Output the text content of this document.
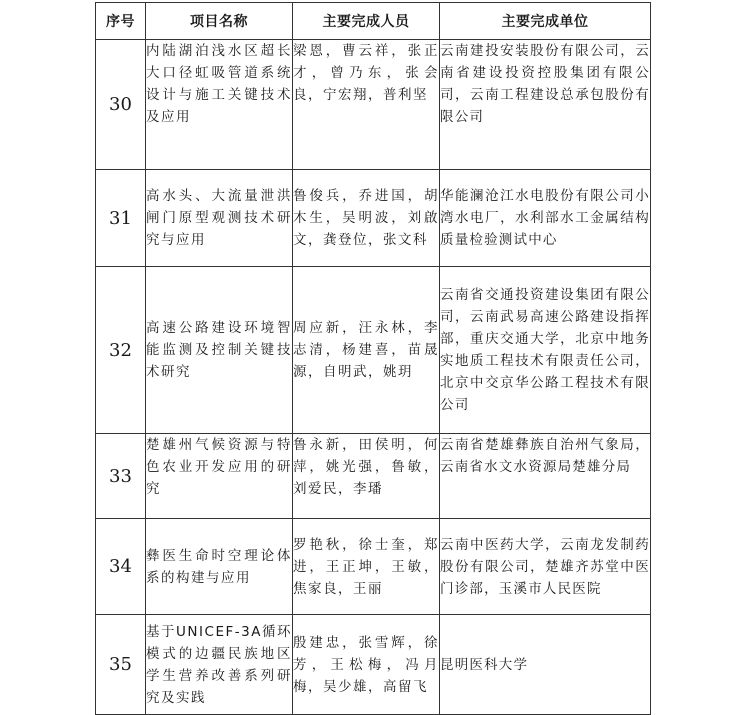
序号	项目名称	主要完成人员	主要完成单位
30	内陆湖泊浅水区超长大口径虹吸管道系统设计与施工关键技术及应用	梁恩，曹云祥，张正才，曾乃东，张会良，宁宏翔，普利坚	云南建投安装股份有限公司，云南省建设投资控股集团有限公司，云南工程建设总承包股份有限公司
31	高水头、大流量泄洪闸门原型观测技术研究与应用	鲁俊兵，乔进国，胡木生，吴明波，刘啟文，龚登位，张文科	华能澜沧江水电股份有限公司小湾水电厂，水利部水工金属结构质量检验测试中心
32	高速公路建设环境智能监测及控制关键技术研究	周应新，汪永林，李志清，杨建喜，苗晟源，自明武，姚玥	云南省交通投资建设集团有限公司，云南武易高速公路建设指挥部，重庆交通大学，北京中地务实地质工程技术有限责任公司，北京中交京华公路工程技术有限公司
33	楚雄州气候资源与特色农业开发应用的研究	鲁永新，田侯明，何萍，姚光强，鲁敏，刘爱民，李璠	云南省楚雄彝族自治州气象局，云南省水文水资源局楚雄分局
34	彝医生命时空理论体系的构建与应用	罗艳秋，徐士奎，郑进，王正坤，王敏，焦家良，王丽	云南中医药大学，云南龙发制药股份有限公司，楚雄齐苏堂中医门诊部，玉溪市人民医院
35	基于UNICEF-3A循环模式的边疆民族地区学生营养改善系列研究及实践	殷建忠，张雪辉，徐芳，王松梅，冯月梅，吴少雄，高留飞	昆明医科大学
